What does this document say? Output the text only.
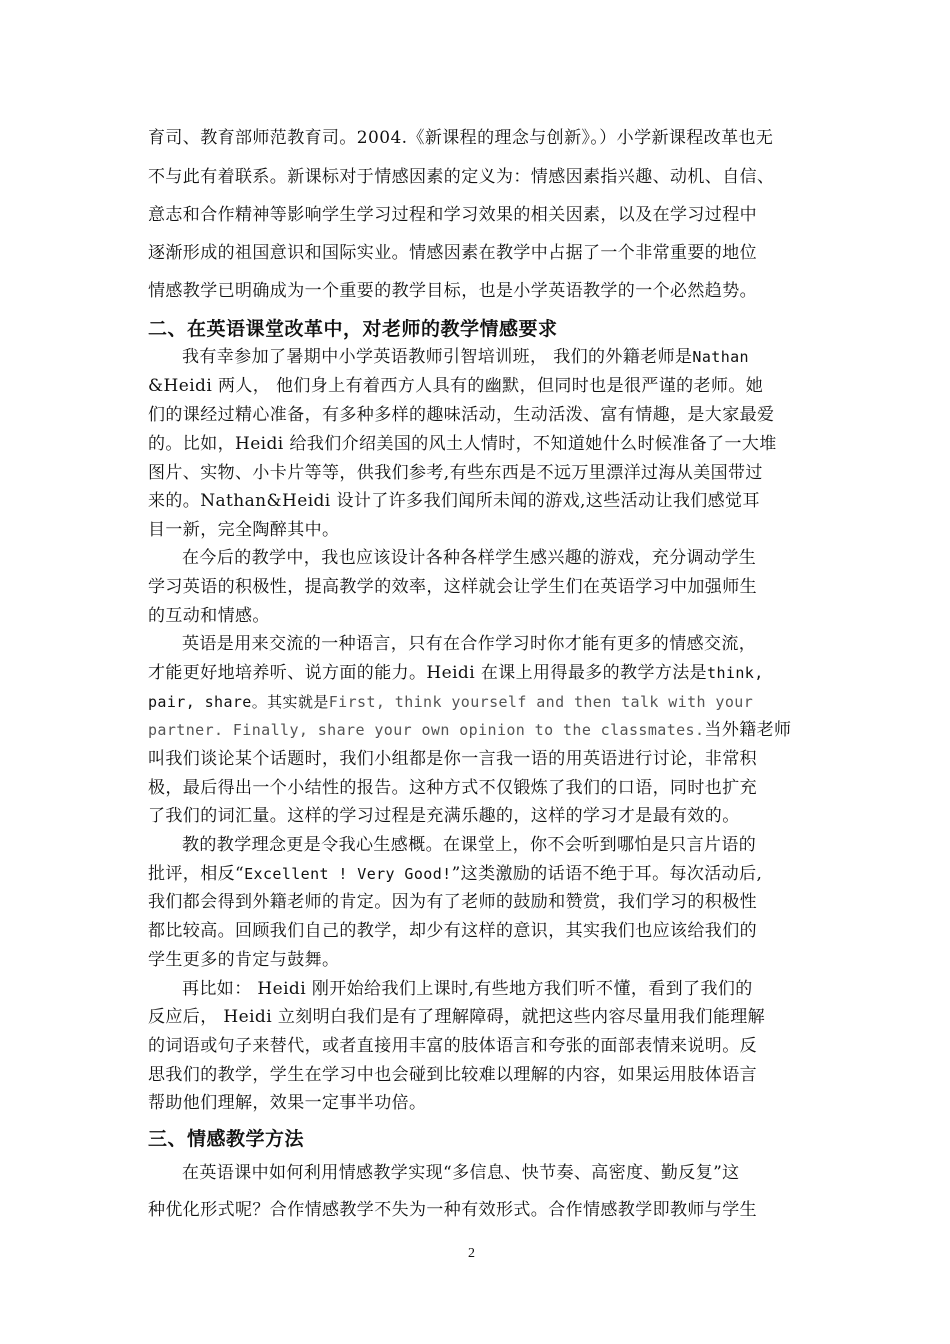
育司、教育部师范教育司。2004.《新课程的理念与创新》。）小学新课程改革也无
不与此有着联系。新课标对于情感因素的定义为：情感因素指兴趣、动机、自信、
意志和合作精神等影响学生学习过程和学习效果的相关因素，以及在学习过程中
逐渐形成的祖国意识和国际实业。情感因素在教学中占据了一个非常重要的地位
情感教学已明确成为一个重要的教学目标，也是小学英语教学的一个必然趋势。
二、在英语课堂改革中，对老师的教学情感要求
我有幸参加了暑期中小学英语教师引智培训班， 我们的外籍老师是Nathan
&Heidi 两人， 他们身上有着西方人具有的幽默，但同时也是很严谨的老师。她
们的课经过精心准备，有多种多样的趣味活动，生动活泼、富有情趣，是大家最爱
的。比如，Heidi 给我们介绍美国的风土人情时，不知道她什么时候准备了一大堆
图片、实物、小卡片等等，供我们参考,有些东西是不远万里漂洋过海从美国带过
来的。Nathan&Heidi 设计了许多我们闻所未闻的游戏,这些活动让我们感觉耳
目一新，完全陶醉其中。
在今后的教学中，我也应该设计各种各样学生感兴趣的游戏，充分调动学生
学习英语的积极性，提高教学的效率，这样就会让学生们在英语学习中加强师生
的互动和情感。
英语是用来交流的一种语言，只有在合作学习时你才能有更多的情感交流，
才能更好地培养听、说方面的能力。Heidi 在课上用得最多的教学方法是think,
pair, share。其实就是First, think yourself and then talk with your
partner. Finally, share your own opinion to the classmates.当外籍老师
叫我们谈论某个话题时，我们小组都是你一言我一语的用英语进行讨论，非常积
极，最后得出一个小结性的报告。这种方式不仅锻炼了我们的口语，同时也扩充
了我们的词汇量。这样的学习过程是充满乐趣的，这样的学习才是最有效的。
教的教学理念更是令我心生感概。在课堂上，你不会听到哪怕是只言片语的
批评，相反“Excellent ! Very Good!”这类激励的话语不绝于耳。每次活动后,
我们都会得到外籍老师的肯定。因为有了老师的鼓励和赞赏，我们学习的积极性
都比较高。回顾我们自己的教学，却少有这样的意识，其实我们也应该给我们的
学生更多的肯定与鼓舞。
再比如： Heidi 刚开始给我们上课时,有些地方我们听不懂，看到了我们的
反应后， Heidi 立刻明白我们是有了理解障碍，就把这些内容尽量用我们能理解
的词语或句子来替代，或者直接用丰富的肢体语言和夸张的面部表情来说明。反
思我们的教学，学生在学习中也会碰到比较难以理解的内容，如果运用肢体语言
帮助他们理解，效果一定事半功倍。
三、情感教学方法
在英语课中如何利用情感教学实现“多信息、快节奏、高密度、勤反复”这
种优化形式呢？合作情感教学不失为一种有效形式。合作情感教学即教师与学生
2
